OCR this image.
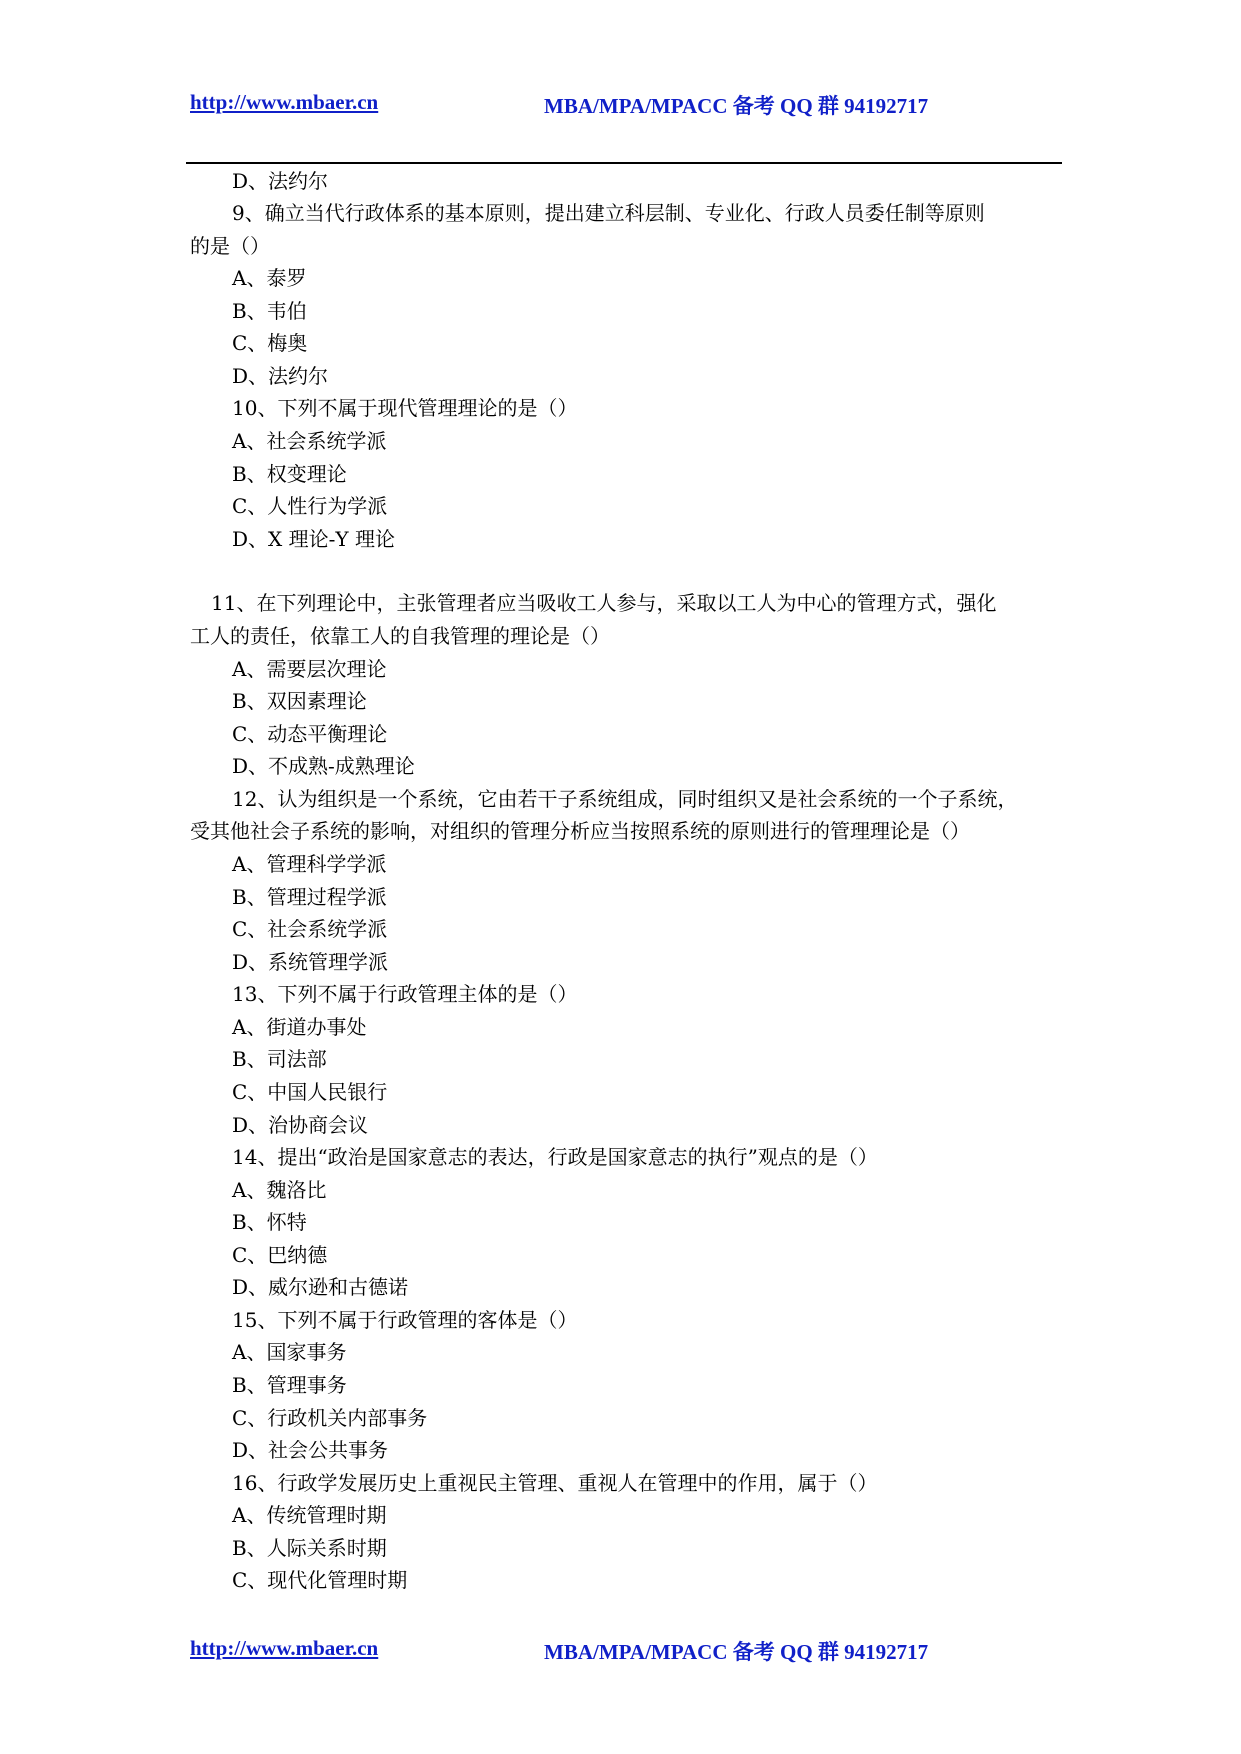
http://www.mbaer.cn	MBA/MPA/MPACC 备考 QQ 群 94192717
D、法约尔
9、确立当代行政体系的基本原则，提出建立科层制、专业化、行政人员委任制等原则
的是（）
A、泰罗
B、韦伯
C、梅奥
D、法约尔
10、下列不属于现代管理理论的是（）
A、社会系统学派
B、权变理论
C、人性行为学派
D、X 理论-Y 理论
11、在下列理论中，主张管理者应当吸收工人参与，采取以工人为中心的管理方式，强化
工人的责任，依靠工人的自我管理的理论是（）
A、需要层次理论
B、双因素理论
C、动态平衡理论
D、不成熟-成熟理论
12、认为组织是一个系统，它由若干子系统组成，同时组织又是社会系统的一个子系统，
受其他社会子系统的影响，对组织的管理分析应当按照系统的原则进行的管理理论是（）
A、管理科学学派
B、管理过程学派
C、社会系统学派
D、系统管理学派
13、下列不属于行政管理主体的是（）
A、街道办事处
B、司法部
C、中国人民银行
D、治协商会议
14、提出“政治是国家意志的表达，行政是国家意志的执行”观点的是（）
A、魏洛比
B、怀特
C、巴纳德
D、威尔逊和古德诺
15、下列不属于行政管理的客体是（）
A、国家事务
B、管理事务
C、行政机关内部事务
D、社会公共事务
16、行政学发展历史上重视民主管理、重视人在管理中的作用，属于（）
A、传统管理时期
B、人际关系时期
C、现代化管理时期
http://www.mbaer.cn	MBA/MPA/MPACC 备考 QQ 群 94192717
